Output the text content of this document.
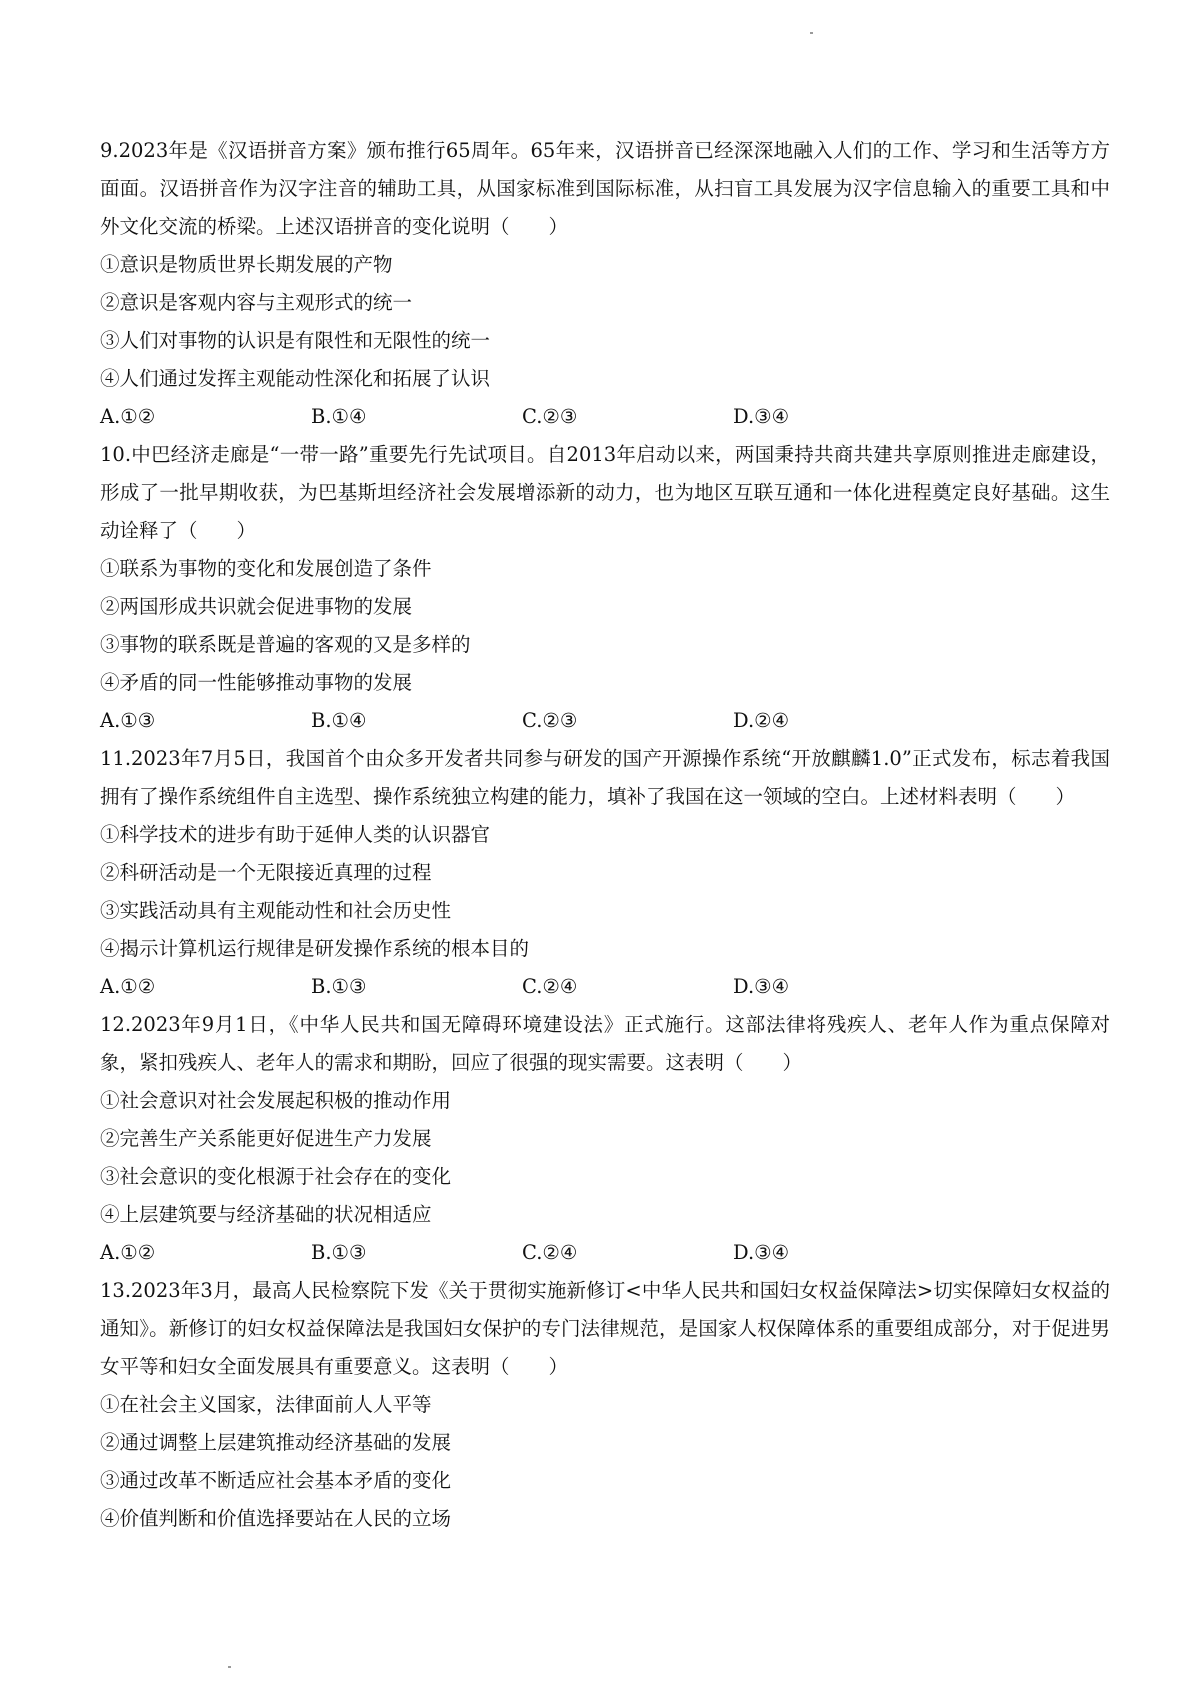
9.2023年是《汉语拼音方案》颁布推行65周年。65年来，汉语拼音已经深深地融入人们的工作、学习和生活等方方面面。汉语拼音作为汉字注音的辅助工具，从国家标准到国际标准，从扫盲工具发展为汉字信息输入的重要工具和中外文化交流的桥梁。上述汉语拼音的变化说明（　　）

①意识是物质世界长期发展的产物

②意识是客观内容与主观形式的统一

③人们对事物的认识是有限性和无限性的统一

④人们通过发挥主观能动性深化和拓展了认识

A.①②	B.①④	C.②③	D.③④

10.中巴经济走廊是“一带一路”重要先行先试项目。自2013年启动以来，两国秉持共商共建共享原则推进走廊建设，形成了一批早期收获，为巴基斯坦经济社会发展增添新的动力，也为地区互联互通和一体化进程奠定良好基础。这生动诠释了（　　）

①联系为事物的变化和发展创造了条件

②两国形成共识就会促进事物的发展

③事物的联系既是普遍的客观的又是多样的

④矛盾的同一性能够推动事物的发展

A.①③	B.①④	C.②③	D.②④

11.2023年7月5日，我国首个由众多开发者共同参与研发的国产开源操作系统“开放麒麟1.0”正式发布，标志着我国拥有了操作系统组件自主选型、操作系统独立构建的能力，填补了我国在这一领域的空白。上述材料表明（　　）

①科学技术的进步有助于延伸人类的认识器官

②科研活动是一个无限接近真理的过程

③实践活动具有主观能动性和社会历史性

④揭示计算机运行规律是研发操作系统的根本目的

A.①②	B.①③	C.②④	D.③④

12.2023年9月1日，《中华人民共和国无障碍环境建设法》正式施行。这部法律将残疾人、老年人作为重点保障对象，紧扣残疾人、老年人的需求和期盼，回应了很强的现实需要。这表明（　　）

①社会意识对社会发展起积极的推动作用

②完善生产关系能更好促进生产力发展

③社会意识的变化根源于社会存在的变化

④上层建筑要与经济基础的状况相适应

A.①②	B.①③	C.②④	D.③④

13.2023年3月，最高人民检察院下发《关于贯彻实施新修订<中华人民共和国妇女权益保障法>切实保障妇女权益的通知》。新修订的妇女权益保障法是我国妇女保护的专门法律规范，是国家人权保障体系的重要组成部分，对于促进男女平等和妇女全面发展具有重要意义。这表明（　　）

①在社会主义国家，法律面前人人平等

②通过调整上层建筑推动经济基础的发展

③通过改革不断适应社会基本矛盾的变化

④价值判断和价值选择要站在人民的立场
